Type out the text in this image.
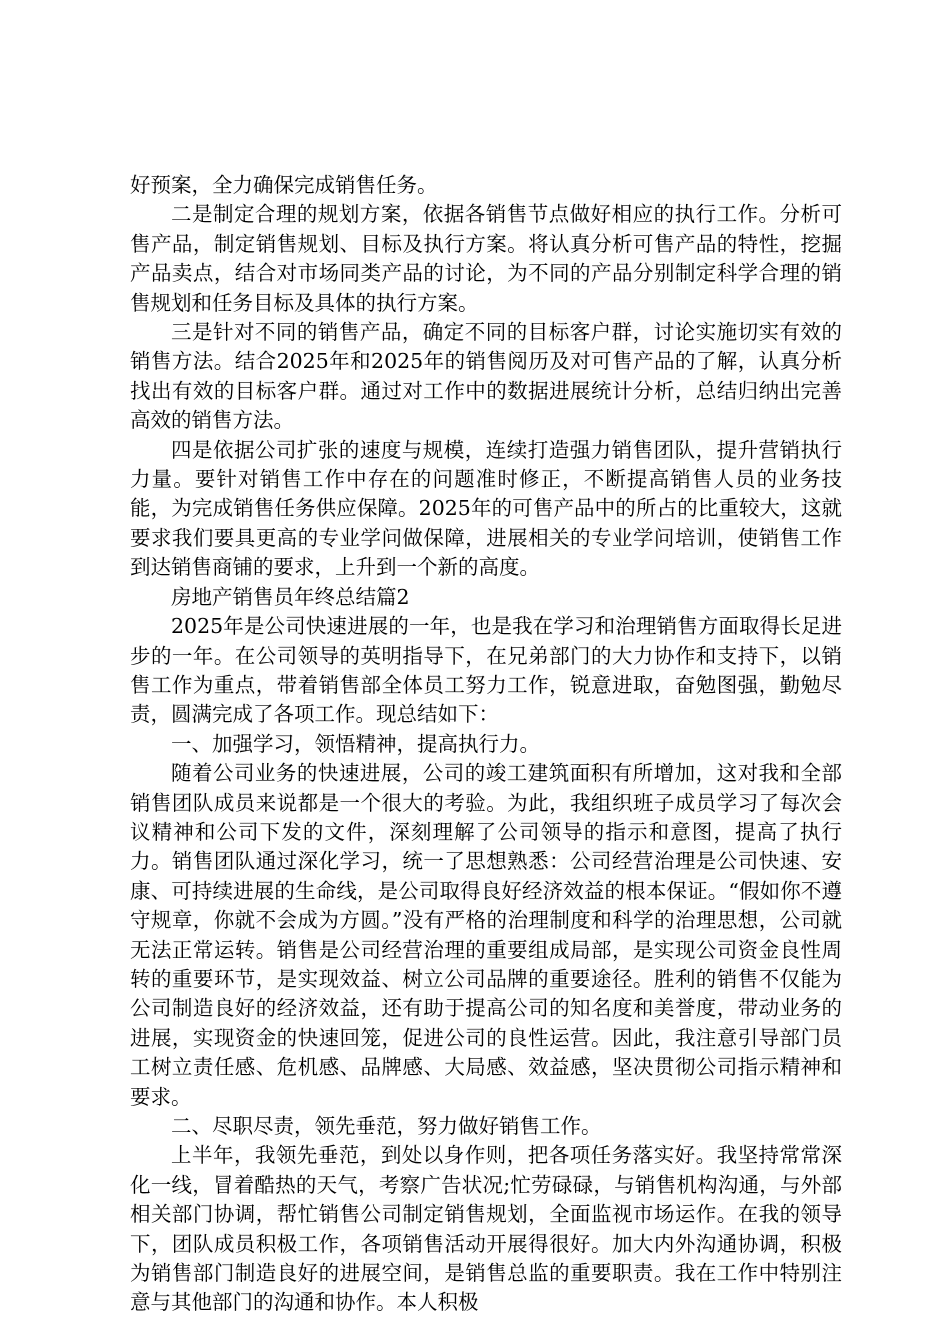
好预案，全力确保完成销售任务。

二是制定合理的规划方案，依据各销售节点做好相应的执行工作。分析可售产品，制定销售规划、目标及执行方案。将认真分析可售产品的特性，挖掘产品卖点，结合对市场同类产品的讨论，为不同的产品分别制定科学合理的销售规划和任务目标及具体的执行方案。

三是针对不同的销售产品，确定不同的目标客户群，讨论实施切实有效的销售方法。结合2025年和2025年的销售阅历及对可售产品的了解，认真分析找出有效的目标客户群。通过对工作中的数据进展统计分析，总结归纳出完善高效的销售方法。

四是依据公司扩张的速度与规模，连续打造强力销售团队，提升营销执行力量。要针对销售工作中存在的问题准时修正，不断提高销售人员的业务技能，为完成销售任务供应保障。2025年的可售产品中的所占的比重较大，这就要求我们要具更高的专业学问做保障，进展相关的专业学问培训，使销售工作到达销售商铺的要求，上升到一个新的高度。

房地产销售员年终总结篇2

2025年是公司快速进展的一年，也是我在学习和治理销售方面取得长足进步的一年。在公司领导的英明指导下，在兄弟部门的大力协作和支持下，以销售工作为重点，带着销售部全体员工努力工作，锐意进取，奋勉图强，勤勉尽责，圆满完成了各项工作。现总结如下：

一、加强学习，领悟精神，提高执行力。

随着公司业务的快速进展，公司的竣工建筑面积有所增加，这对我和全部销售团队成员来说都是一个很大的考验。为此，我组织班子成员学习了每次会议精神和公司下发的文件，深刻理解了公司领导的指示和意图，提高了执行力。销售团队通过深化学习，统一了思想熟悉：公司经营治理是公司快速、安康、可持续进展的生命线，是公司取得良好经济效益的根本保证。“假如你不遵守规章，你就不会成为方圆。”没有严格的治理制度和科学的治理思想，公司就无法正常运转。销售是公司经营治理的重要组成局部，是实现公司资金良性周转的重要环节，是实现效益、树立公司品牌的重要途径。胜利的销售不仅能为公司制造良好的经济效益，还有助于提高公司的知名度和美誉度，带动业务的进展，实现资金的快速回笼，促进公司的良性运营。因此，我注意引导部门员工树立责任感、危机感、品牌感、大局感、效益感，坚决贯彻公司指示精神和要求。

二、尽职尽责，领先垂范，努力做好销售工作。

上半年，我领先垂范，到处以身作则，把各项任务落实好。我坚持常常深化一线，冒着酷热的天气，考察广告状况;忙劳碌碌，与销售机构沟通，与外部相关部门协调，帮忙销售公司制定销售规划，全面监视市场运作。在我的领导下，团队成员积极工作，各项销售活动开展得很好。加大内外沟通协调，积极为销售部门制造良好的进展空间，是销售总监的重要职责。我在工作中特别注意与其他部门的沟通和协作。本人积极
